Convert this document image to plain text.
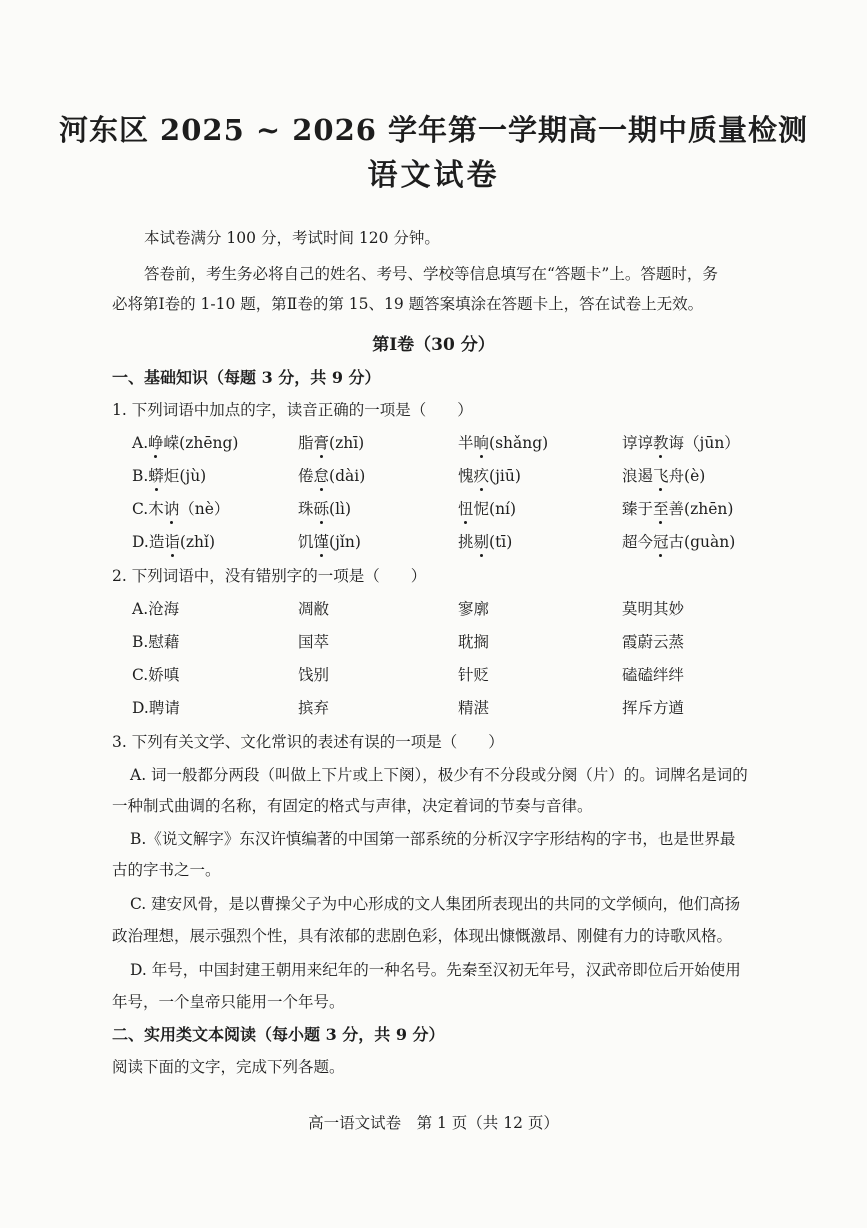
河东区 2025 ~ 2026 学年第一学期高一期中质量检测
语文试卷
本试卷满分 100 分，考试时间 120 分钟。
答卷前，考生务必将自己的姓名、考号、学校等信息填写在“答题卡”上。答题时，务
必将第Ⅰ卷的 1-10 题，第Ⅱ卷的第 15、19 题答案填涂在答题卡上，答在试卷上无效。
第Ⅰ卷（30 分）
一、基础知识（每题 3 分，共 9 分）
1. 下列词语中加点的字，读音正确的一项是（　　）
A.峥嵘(zhēng)	脂膏(zhī)	半晌(shǎng)	谆谆教诲（jūn）
B.蟒炬(jù)	倦怠(dài)	愧疚(jiū)	浪遏飞舟(è)
C.木讷（nè）	珠砾(lì)	忸怩(ní)	臻于至善(zhēn)
D.造诣(zhǐ)	饥馑(jǐn)	挑剔(tī)	超今冠古(guàn)
2. 下列词语中，没有错别字的一项是（　　）
A.沧海	凋敝	寥廓	莫明其妙
B.慰藉	国萃	耽搁	霞蔚云蒸
C.娇嗔	饯别	针贬	磕磕绊绊
D.聘请	摈弃	精湛	挥斥方遒
3. 下列有关文学、文化常识的表述有误的一项是（　　）
A. 词一般都分两段（叫做上下片或上下阕），极少有不分段或分阕（片）的。词牌名是词的
一种制式曲调的名称，有固定的格式与声律，决定着词的节奏与音律。
B.《说文解字》东汉许慎编著的中国第一部系统的分析汉字字形结构的字书，也是世界最
古的字书之一。
C. 建安风骨，是以曹操父子为中心形成的文人集团所表现出的共同的文学倾向，他们高扬
政治理想，展示强烈个性，具有浓郁的悲剧色彩，体现出慷慨激昂、刚健有力的诗歌风格。
D. 年号，中国封建王朝用来纪年的一种名号。先秦至汉初无年号，汉武帝即位后开始使用
年号，一个皇帝只能用一个年号。
二、实用类文本阅读（每小题 3 分，共 9 分）
阅读下面的文字，完成下列各题。
高一语文试卷　第 1 页（共 12 页）
